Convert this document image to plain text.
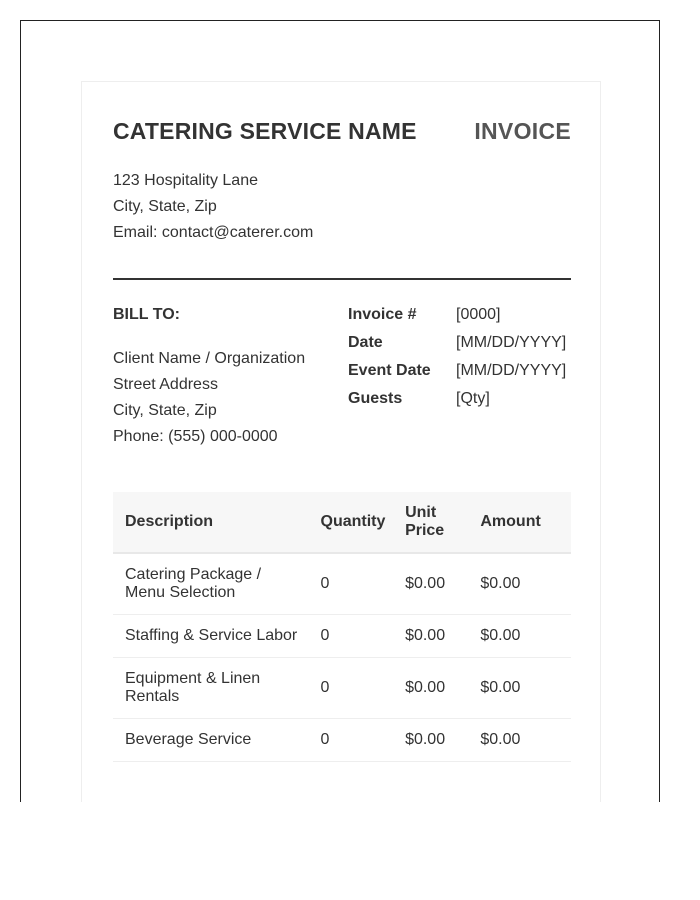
CATERING SERVICE NAME	INVOICE
123 Hospitality Lane
City, State, Zip
Email: contact@caterer.com
BILL TO:
Client Name / Organization
Street Address
City, State, Zip
Phone: (555) 000-0000
Invoice # [0000]
Date	[MM/DD/YYYY]
Event Date [MM/DD/YYYY]
Guests	[Qty]
Description	Quantity	Unit Price	Amount
Catering Package / Menu Selection	0	$0.00	$0.00
Staffing & Service Labor	0	$0.00	$0.00
Equipment & Linen Rentals	0	$0.00	$0.00
Beverage Service	0	$0.00	$0.00
